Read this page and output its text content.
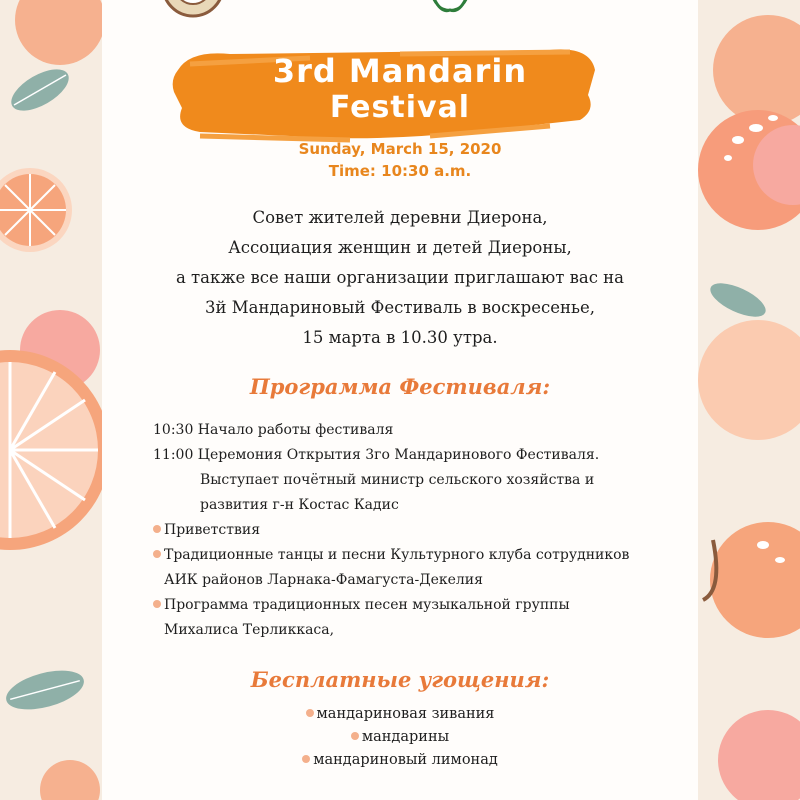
3rd Mandarin
Festival
Sunday, March 15, 2020
Time: 10:30 a.m.
Совет жителей деревни Диерона,
Ассоциация женщин и детей Диероны,
а также все наши организации приглашают вас на
3й Мандариновый Фестиваль в воскресенье,
15 марта в 10.30 утра.
Программа Фестиваля:
10:30 Начало работы фестиваля
11:00 Церемония Открытия 3го Мандаринового Фестиваля.
Выступает почётный министр сельского хозяйства и
развития г-н Костас Кадис
Приветствия
Традиционные танцы и песни Культурного клуба сотрудников
АИК районов Ларнака-Фамагуста-Декелия
Программа традиционных песен музыкальной группы
Михалиса Терликкаса,
Бесплатные угощения:
мандариновая зивания
мандарины
мандариновый лимонад
